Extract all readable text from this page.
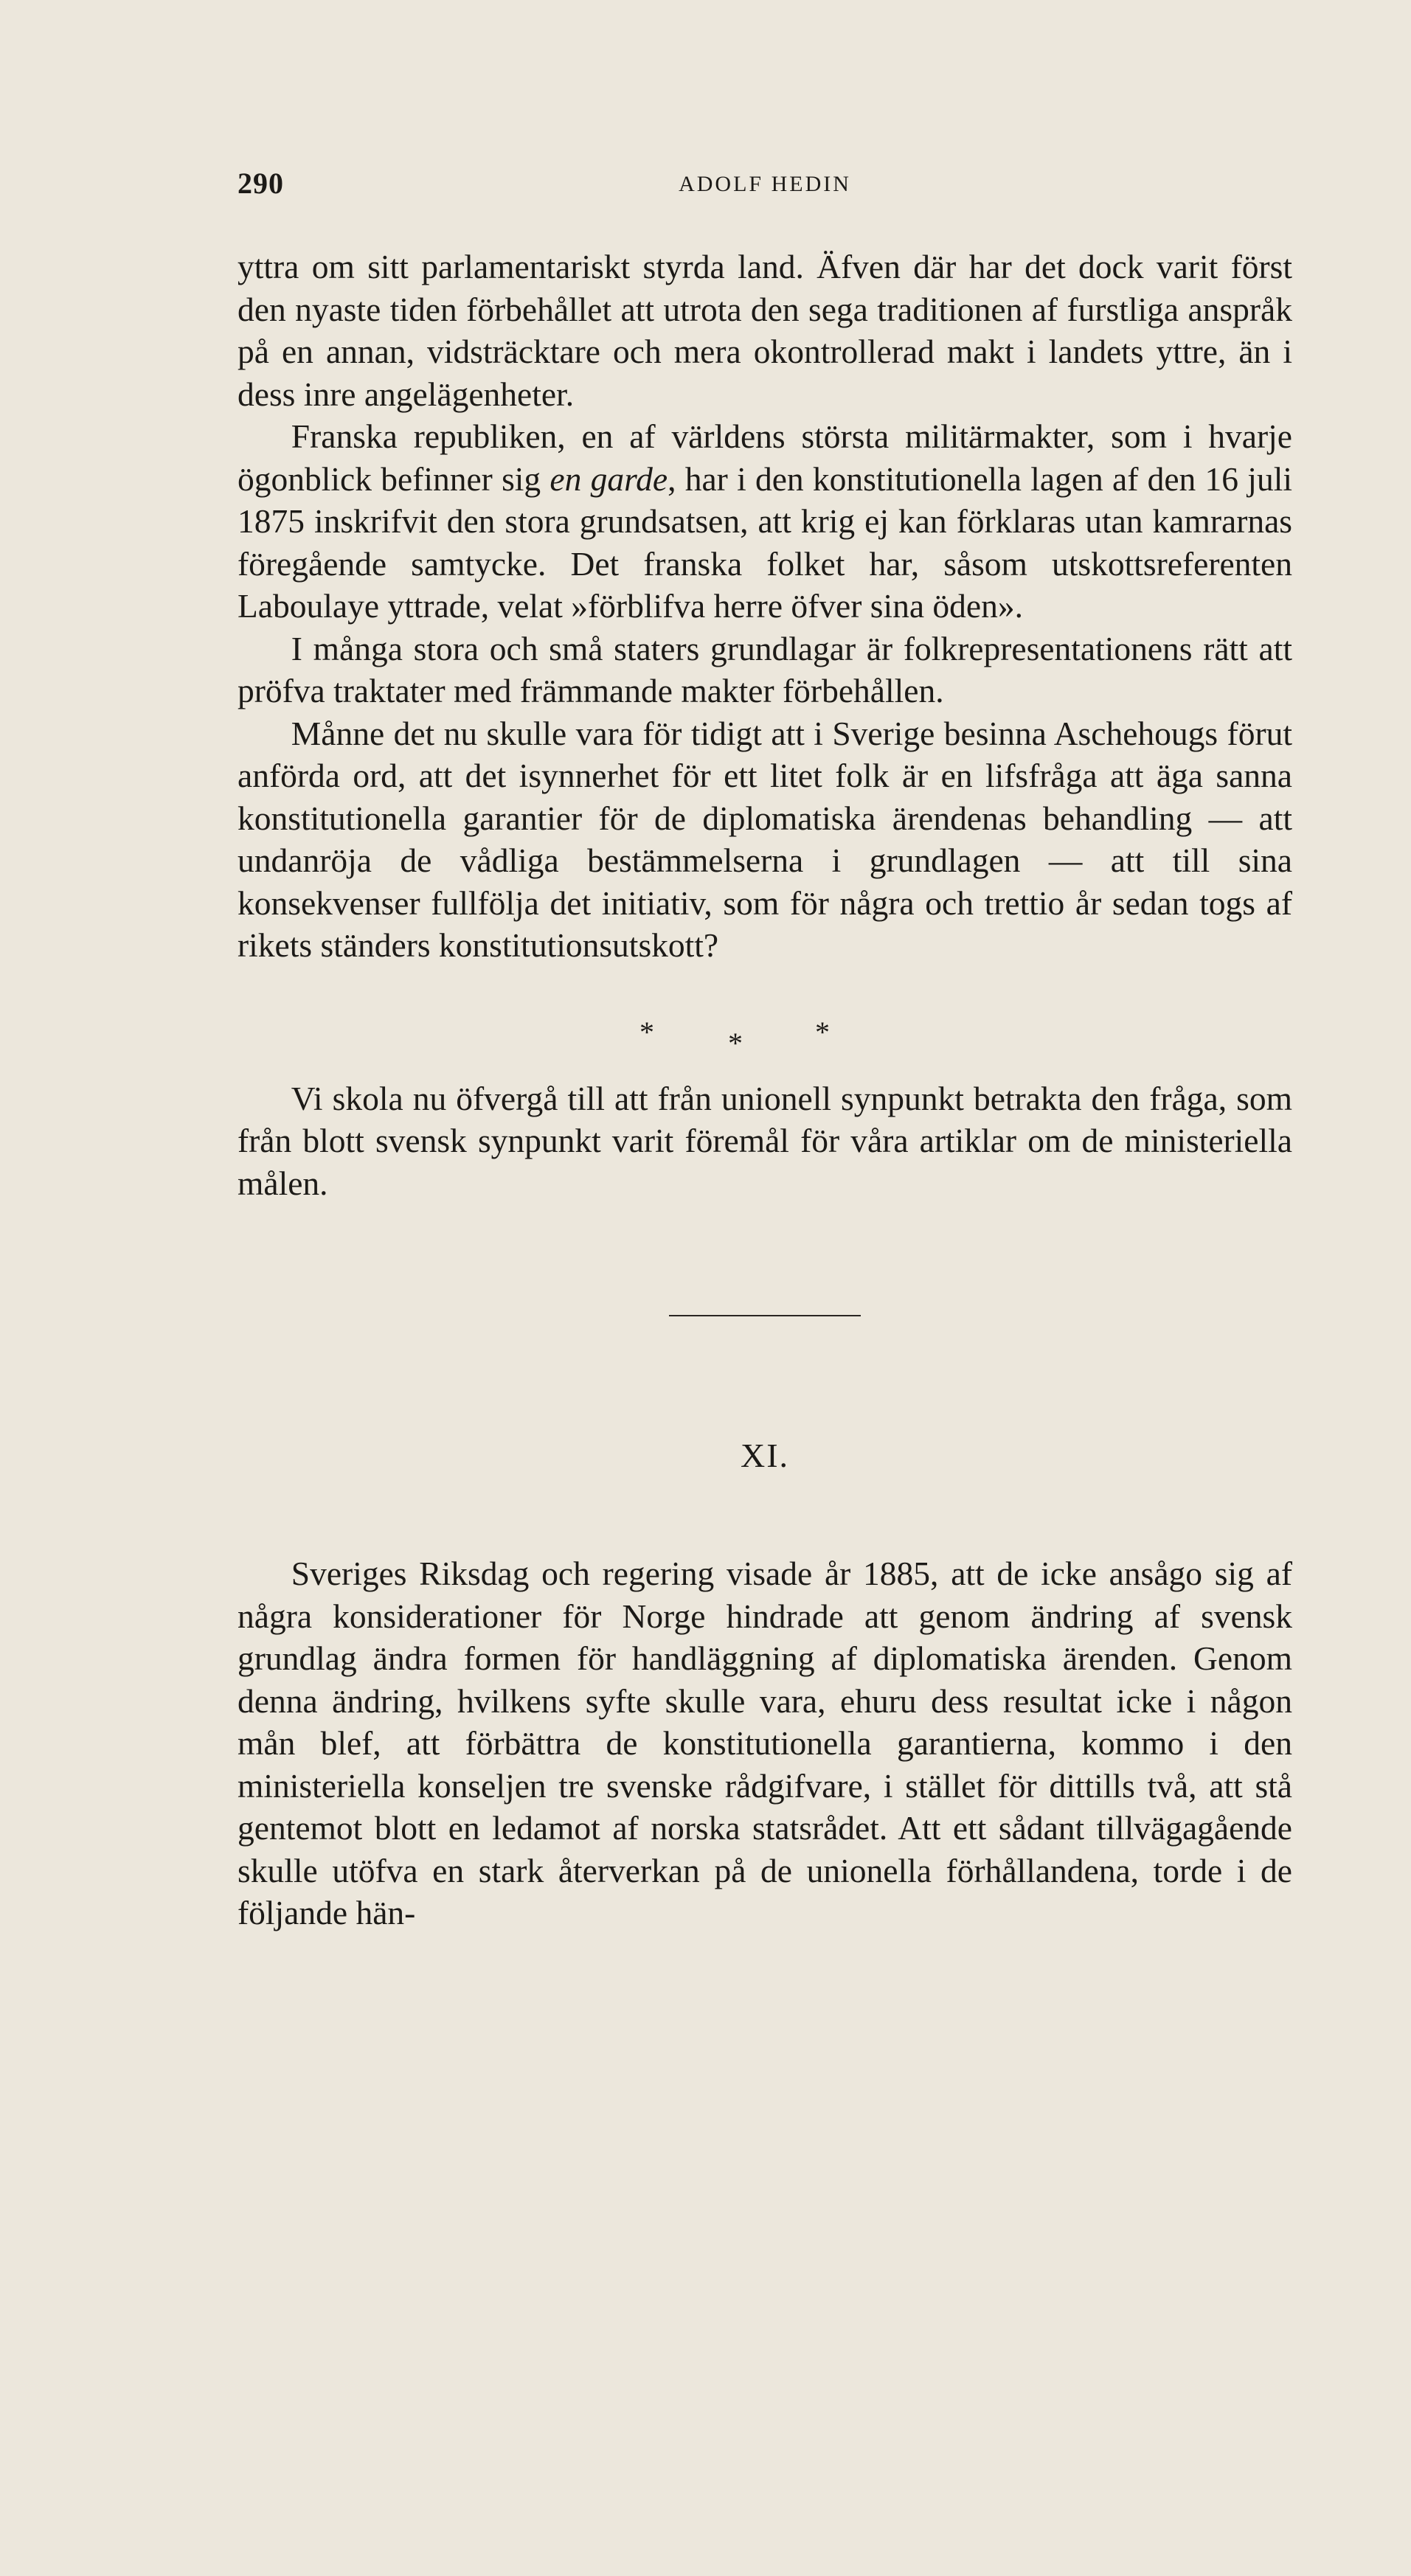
290	ADOLF HEDIN

yttra om sitt parlamentariskt styrda land. Äfven där har det dock varit först den nyaste tiden förbehållet att utrota den sega traditionen af furstliga anspråk på en annan, vidsträcktare och mera okontrollerad makt i landets yttre, än i dess inre angelägenheter.

Franska republiken, en af världens största militärmakter, som i hvarje ögonblick befinner sig en garde, har i den konstitutionella lagen af den 16 juli 1875 inskrifvit den stora grundsatsen, att krig ej kan förklaras utan kamrarnas föregående samtycke. Det franska folket har, såsom utskottsreferenten Laboulaye yttrade, velat »förblifva herre öfver sina öden».

I många stora och små staters grundlagar är folkrepresentationens rätt att pröfva traktater med främmande makter förbehållen.

Månne det nu skulle vara för tidigt att i Sverige besinna Aschehougs förut anförda ord, att det isynnerhet för ett litet folk är en lifsfråga att äga sanna konstitutionella garantier för de diplomatiska ärendenas behandling — att undanröja de vådliga bestämmelserna i grundlagen — att till sina konsekvenser fullfölja det initiativ, som för några och trettio år sedan togs af rikets ständers konstitutionsutskott?

*	* *

Vi skola nu öfvergå till att från unionell synpunkt betrakta den fråga, som från blott svensk synpunkt varit föremål för våra artiklar om de ministeriella målen.

XI.

Sveriges Riksdag och regering visade år 1885, att de icke ansågo sig af några konsiderationer för Norge hindrade att genom ändring af svensk grundlag ändra formen för handläggning af diplomatiska ärenden. Genom denna ändring, hvilkens syfte skulle vara, ehuru dess resultat icke i någon mån blef, att förbättra de konstitutionella garantierna, kommo i den ministeriella konseljen tre svenske rådgifvare, i stället för dittills två, att stå gentemot blott en ledamot af norska statsrådet. Att ett sådant tillvägagående skulle utöfva en stark återverkan på de unionella förhållandena, torde i de följande hän-
